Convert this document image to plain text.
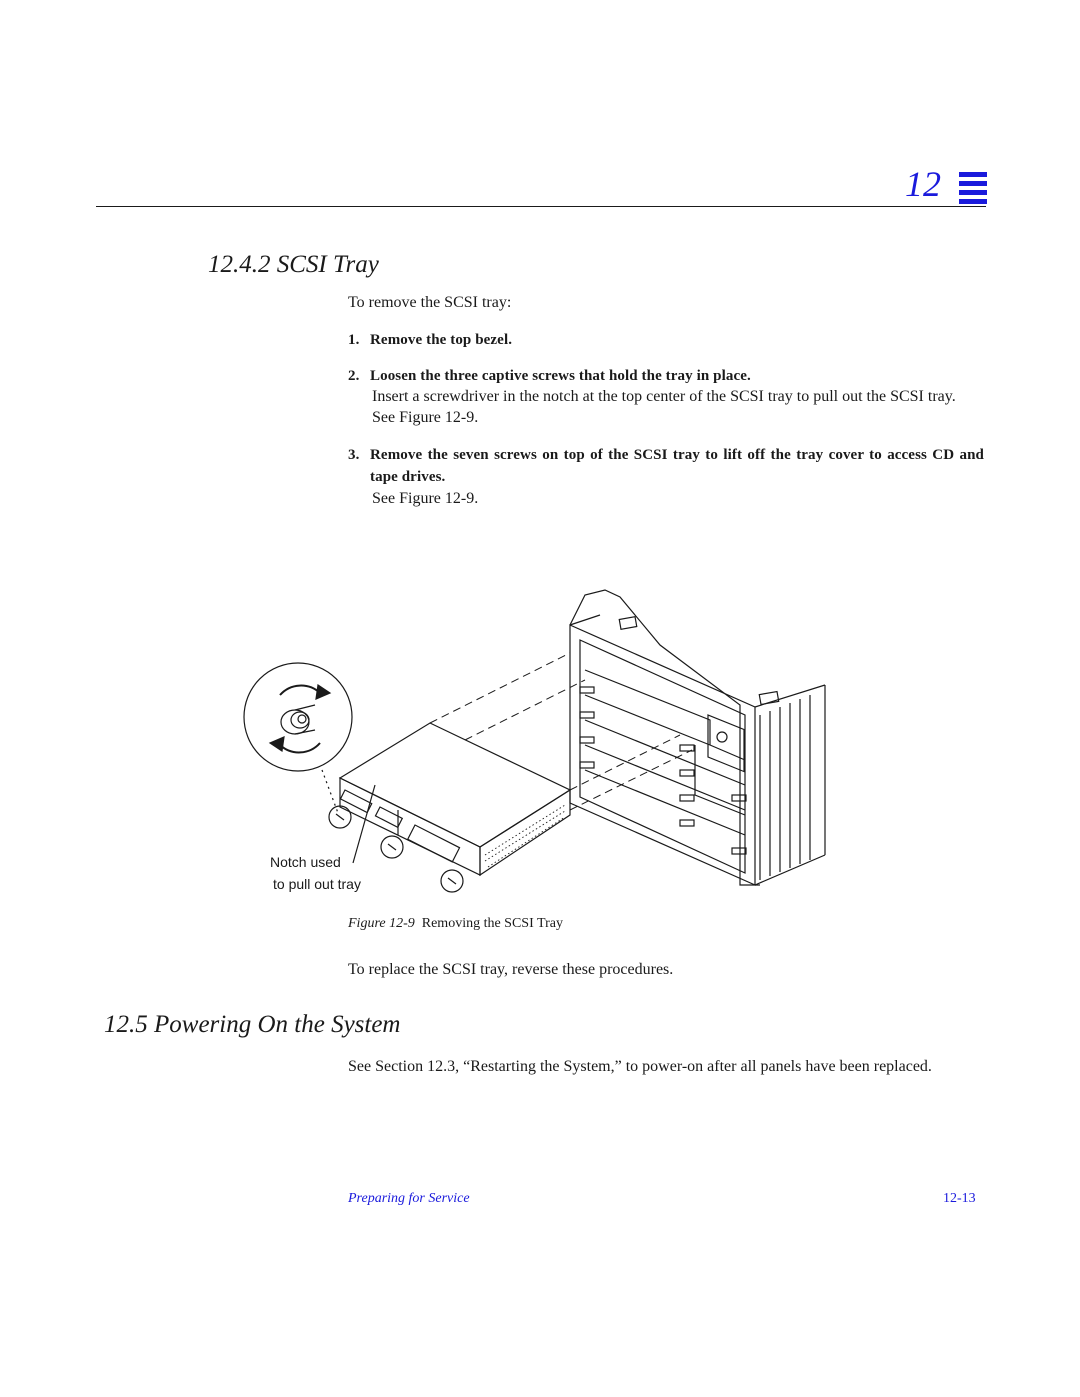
12
12.4.2 SCSI Tray
To remove the SCSI tray:
1. Remove the top bezel.
2. Loosen the three captive screws that hold the tray in place.
Insert a screwdriver in the notch at the top center of the SCSI tray to pull out the SCSI tray. See Figure 12-9.
3. Remove the seven screws on top of the SCSI tray to lift off the tray cover to access CD and tape drives.
See Figure 12-9.
Notch used
to pull out tray
Figure 12-9 Removing the SCSI Tray
To replace the SCSI tray, reverse these procedures.
12.5 Powering On the System
See Section 12.3, “Restarting the System,” to power-on after all panels have been replaced.
Preparing for Service	12-13
